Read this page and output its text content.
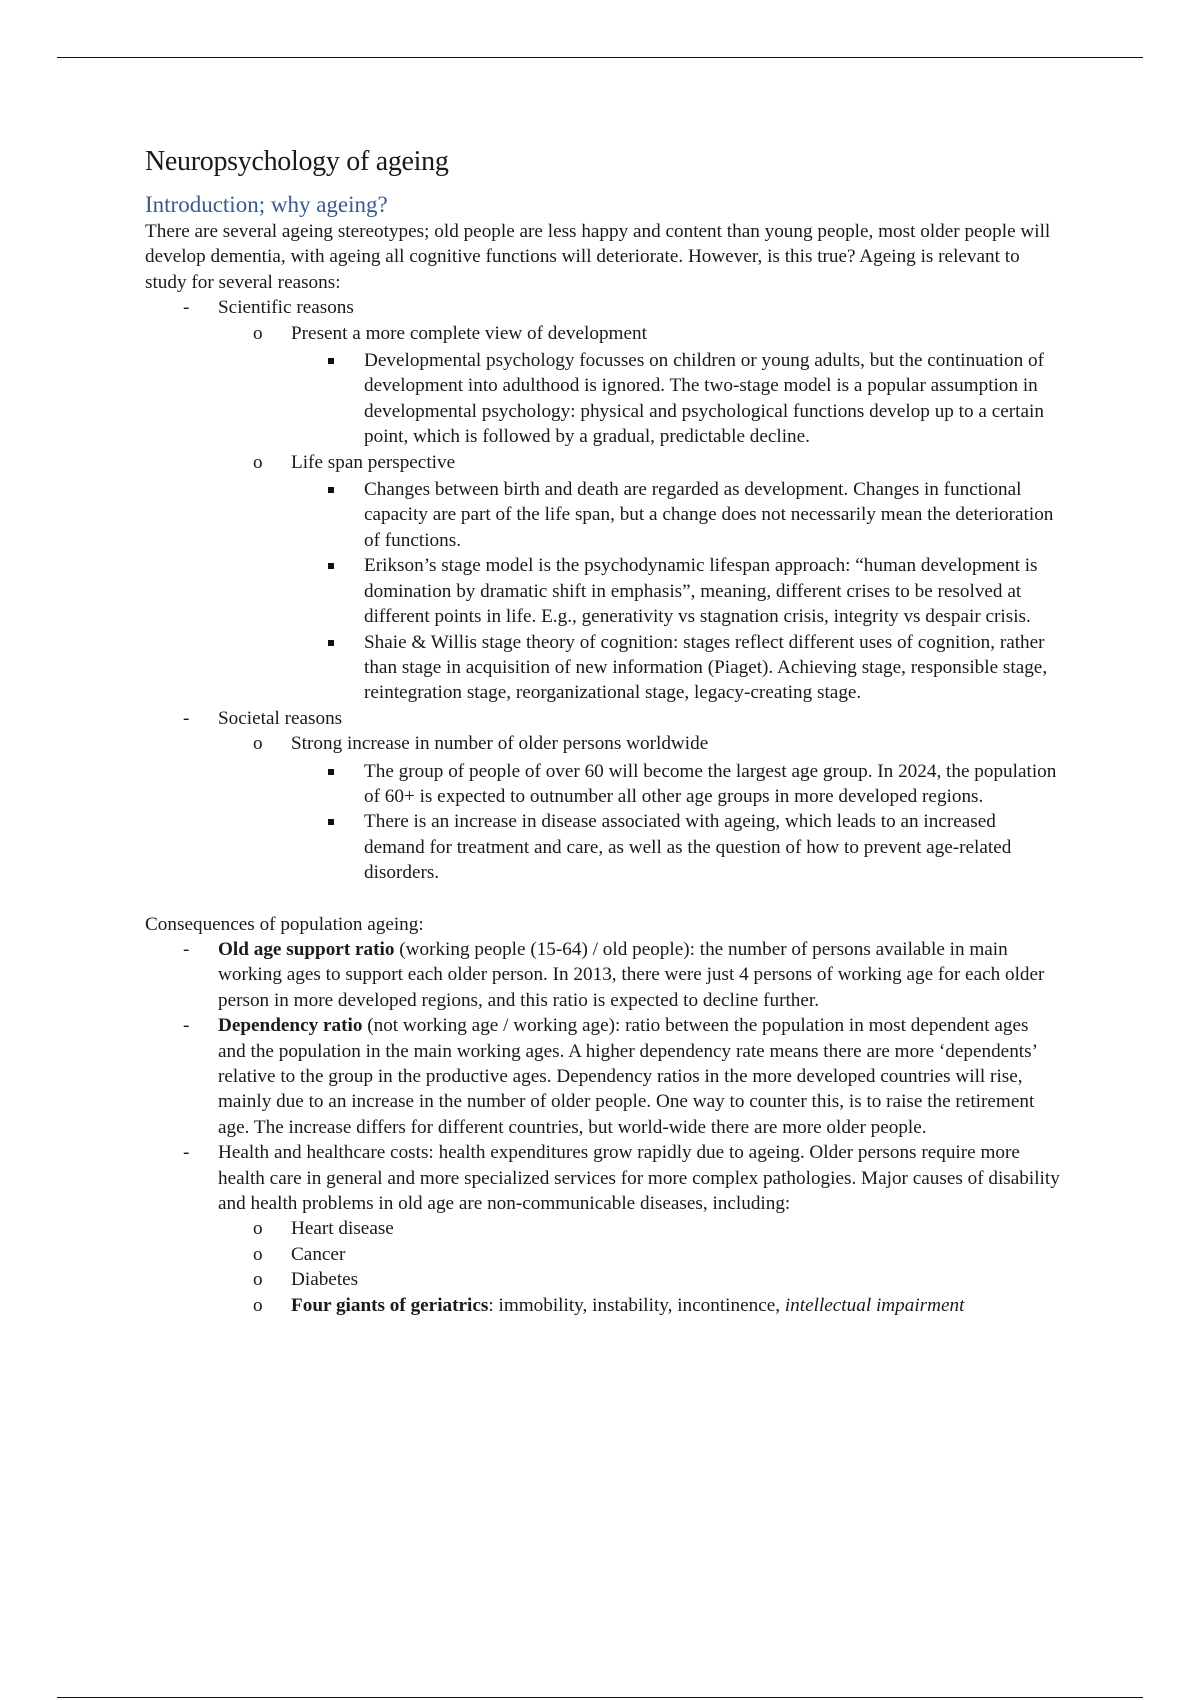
Neuropsychology of ageing
Introduction; why ageing?

There are several ageing stereotypes; old people are less happy and content than young people, most older people will develop dementia, with ageing all cognitive functions will deteriorate. However, is this true? Ageing is relevant to study for several reasons:

- Scientific reasons
o Present a more complete view of development
Developmental psychology focusses on children or young adults, but the continuation of development into adulthood is ignored. The two-stage model is a popular assumption in developmental psychology: physical and psychological functions develop up to a certain point, which is followed by a gradual, predictable decline.
o Life span perspective
Changes between birth and death are regarded as development. Changes in functional capacity are part of the life span, but a change does not necessarily mean the deterioration of functions.
Erikson’s stage model is the psychodynamic lifespan approach: “human development is domination by dramatic shift in emphasis”, meaning, different crises to be resolved at different points in life. E.g., generativity vs stagnation crisis, integrity vs despair crisis.
Shaie & Willis stage theory of cognition: stages reflect different uses of cognition, rather than stage in acquisition of new information (Piaget). Achieving stage, responsible stage, reintegration stage, reorganizational stage, legacy-creating stage.
- Societal reasons
o Strong increase in number of older persons worldwide
The group of people of over 60 will become the largest age group. In 2024, the population of 60+ is expected to outnumber all other age groups in more developed regions.
There is an increase in disease associated with ageing, which leads to an increased demand for treatment and care, as well as the question of how to prevent age-related disorders.

Consequences of population ageing:

- Old age support ratio (working people (15-64) / old people): the number of persons available in main working ages to support each older person. In 2013, there were just 4 persons of working age for each older person in more developed regions, and this ratio is expected to decline further.
- Dependency ratio (not working age / working age): ratio between the population in most dependent ages and the population in the main working ages. A higher dependency rate means there are more ‘dependents’ relative to the group in the productive ages. Dependency ratios in the more developed countries will rise, mainly due to an increase in the number of older people. One way to counter this, is to raise the retirement age. The increase differs for different countries, but world-wide there are more older people.
- Health and healthcare costs: health expenditures grow rapidly due to ageing. Older persons require more health care in general and more specialized services for more complex pathologies. Major causes of disability and health problems in old age are non-communicable diseases, including:
o Heart disease
o Cancer
o Diabetes
o Four giants of geriatrics: immobility, instability, incontinence, intellectual impairment
